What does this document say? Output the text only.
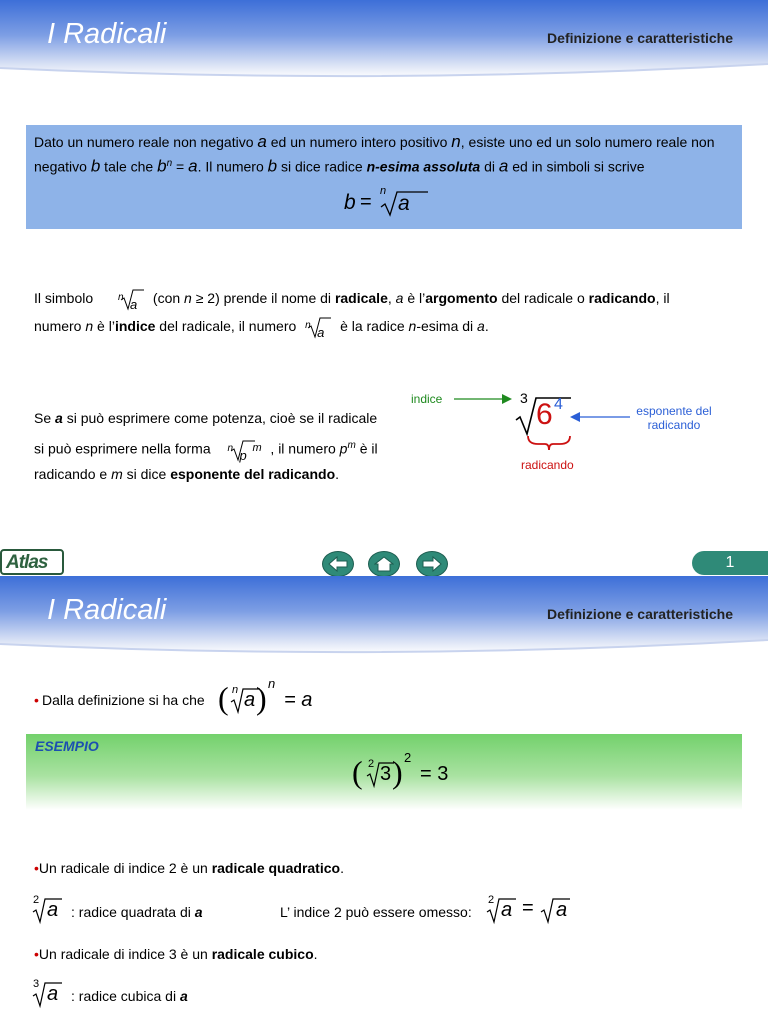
I Radicali	Definizione e caratteristiche

Dato un numero reale non negativo a ed un numero intero positivo n, esiste uno ed un solo numero reale non negativo b tale che $b^n = a$. Il numero b si dice radice n-esima assoluta di a ed in simboli si scrive

b = n
a
Il simbolo n a (con n ≥ 2) prende il nome di radicale, a è l’argomento del radicale o radicando, il
numero n è l’indice del radicale, il numero n a è la radice n-esima di a.
Se a si può esprimere come potenza, cioè se il radicale
si può esprimere nella forma n p m , il numero $p^m$ è il
radicando e m si dice esponente del radicando.
indice	3 6 4	esponente del
radicando
radicando
Atlas	1
I Radicali	Definizione e caratteristiche
• Dalla definizione si ha che ( n a ) n
= a
ESEMPIO
( 2 3 ) 2
= 3
•Un radicale di indice 2 è un radicale quadratico.
2 a : radice quadrata di a	L’ indice 2 può essere omesso:
2 a = a
•Un radicale di indice 3 è un radicale cubico.
3 a : radice cubica di a
